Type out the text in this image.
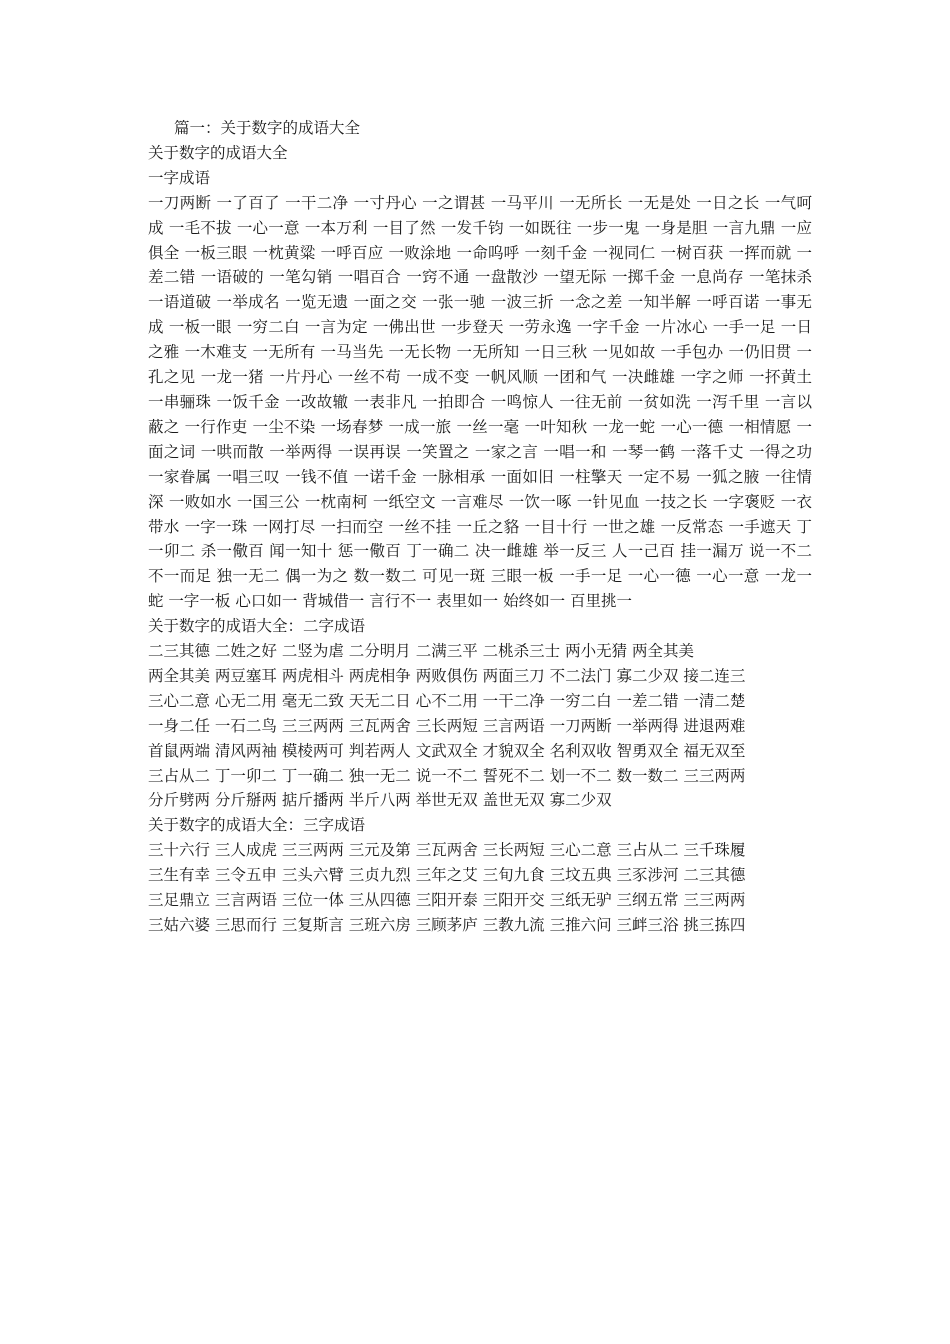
篇一：关于数字的成语大全
关于数字的成语大全
一字成语
一刀两断 一了百了 一干二净 一寸丹心 一之谓甚 一马平川 一无所长 一无是处 一日之长 一气呵成 一毛不拔 一心一意 一本万利 一目了然 一发千钧 一如既往 一步一鬼 一身是胆 一言九鼎 一应俱全 一板三眼 一枕黄粱 一呼百应 一败涂地 一命呜呼 一刻千金 一视同仁 一树百获 一挥而就 一差二错 一语破的 一笔勾销 一唱百合 一窍不通 一盘散沙 一望无际 一掷千金 一息尚存 一笔抹杀 一语道破 一举成名 一览无遗 一面之交 一张一驰 一波三折 一念之差 一知半解 一呼百诺 一事无成 一板一眼 一穷二白 一言为定 一佛出世 一步登天 一劳永逸 一字千金 一片冰心 一手一足 一日之雅 一木难支 一无所有 一马当先 一无长物 一无所知 一日三秋 一见如故 一手包办 一仍旧贯 一孔之见 一龙一猪 一片丹心 一丝不苟 一成不变 一帆风顺 一团和气 一决雌雄 一字之师 一抔黄土 一串骊珠 一饭千金 一改故辙 一表非凡 一拍即合 一鸣惊人 一往无前 一贫如洗 一泻千里 一言以蔽之 一行作吏 一尘不染 一场春梦 一成一旅 一丝一毫 一叶知秋 一龙一蛇 一心一德 一相情愿 一面之词 一哄而散 一举两得 一误再误 一笑置之 一家之言 一唱一和 一琴一鹤 一落千丈 一得之功 一家眷属 一唱三叹 一钱不值 一诺千金 一脉相承 一面如旧 一柱擎天 一定不易 一狐之腋 一往情深 一败如水 一国三公 一枕南柯 一纸空文 一言难尽 一饮一啄 一针见血 一技之长 一字褒贬 一衣带水 一字一珠 一网打尽 一扫而空 一丝不挂 一丘之貉 一目十行 一世之雄 一反常态 一手遮天 丁一卯二 杀一儆百 闻一知十 惩一儆百 丁一确二 决一雌雄 举一反三 人一己百 挂一漏万 说一不二 不一而足 独一无二 偶一为之 数一数二 可见一斑 三眼一板 一手一足 一心一德 一心一意 一龙一蛇 一字一板 心口如一 背城借一 言行不一 表里如一 始终如一 百里挑一
关于数字的成语大全：二字成语
二三其德 二姓之好 二竖为虐 二分明月 二满三平 二桃杀三士 两小无猜 两全其美
两全其美 两豆塞耳 两虎相斗 两虎相争 两败俱伤 两面三刀 不二法门 寡二少双 接二连三
三心二意 心无二用 毫无二致 天无二日 心不二用 一干二净 一穷二白 一差二错 一清二楚
一身二任 一石二鸟 三三两两 三瓦两舍 三长两短 三言两语 一刀两断 一举两得 进退两难
首鼠两端 清风两袖 模棱两可 判若两人 文武双全 才貌双全 名利双收 智勇双全 福无双至
三占从二 丁一卯二 丁一确二 独一无二 说一不二 誓死不二 划一不二 数一数二 三三两两
分斤劈两 分斤掰两 掂斤播两 半斤八两 举世无双 盖世无双 寡二少双
关于数字的成语大全：三字成语
三十六行 三人成虎 三三两两 三元及第 三瓦两舍 三长两短 三心二意 三占从二 三千珠履
三生有幸 三令五申 三头六臂 三贞九烈 三年之艾 三旬九食 三坟五典 三豕涉河 二三其德
三足鼎立 三言两语 三位一体 三从四德 三阳开泰 三阳开交 三纸无驴 三纲五常 三三两两
三姑六婆 三思而行 三复斯言 三班六房 三顾茅庐 三教九流 三推六问 三衅三浴 挑三拣四
